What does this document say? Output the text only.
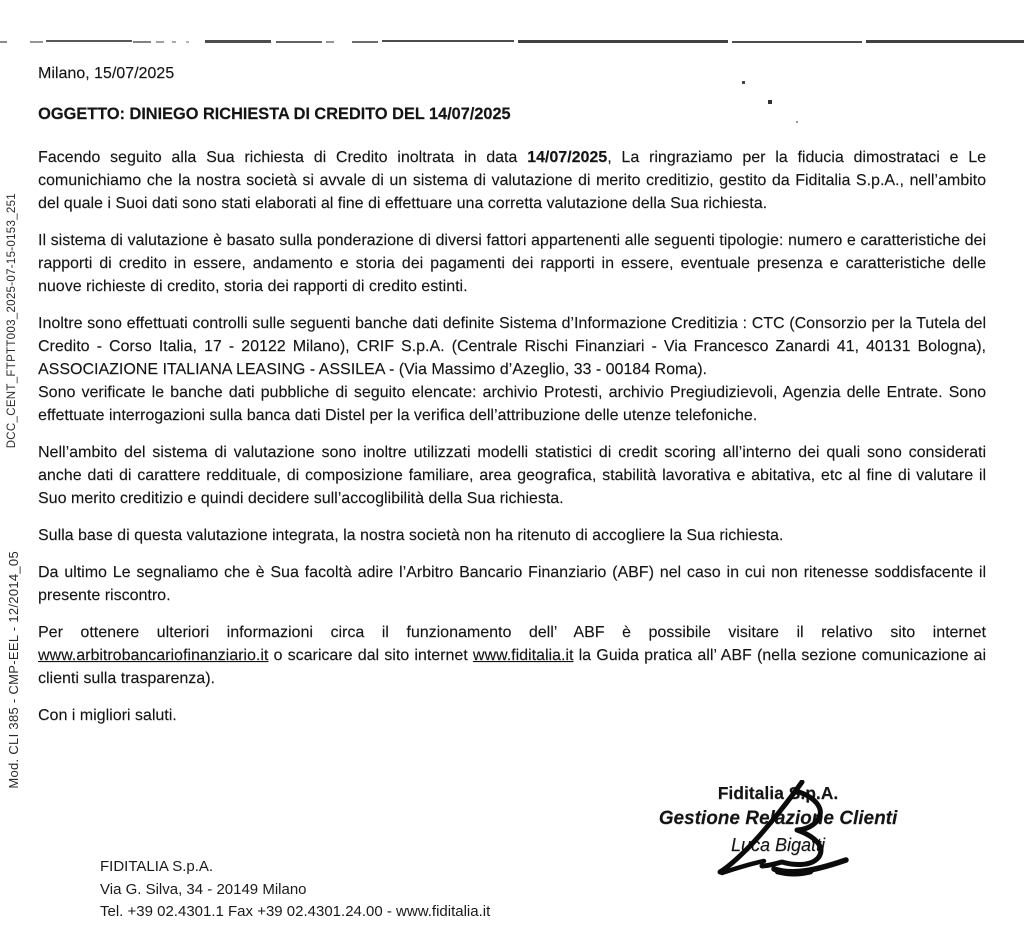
DCC_CENT_FTPTT003_2025-07-15-0153_251
Mod. CLI 385 - CMP-EEL - 12/2014_05
Milano, 15/07/2025
OGGETTO: DINIEGO RICHIESTA DI CREDITO DEL 14/07/2025

Facendo seguito alla Sua richiesta di Credito inoltrata in data 14/07/2025, La ringraziamo per la fiducia dimostrataci e Le comunichiamo che la nostra società si avvale di un sistema di valutazione di merito creditizio, gestito da Fiditalia S.p.A., nell’ambito del quale i Suoi dati sono stati elaborati al fine di effettuare una corretta valutazione della Sua richiesta.

Il sistema di valutazione è basato sulla ponderazione di diversi fattori appartenenti alle seguenti tipologie: numero e caratteristiche dei rapporti di credito in essere, andamento e storia dei pagamenti dei rapporti in essere, eventuale presenza e caratteristiche delle nuove richieste di credito, storia dei rapporti di credito estinti.

Inoltre sono effettuati controlli sulle seguenti banche dati definite Sistema d’Informazione Creditizia : CTC (Consorzio per la Tutela del Credito - Corso Italia, 17 - 20122 Milano), CRIF S.p.A. (Centrale Rischi Finanziari - Via Francesco Zanardi 41, 40131 Bologna), ASSOCIAZIONE ITALIANA LEASING - ASSILEA - (Via Massimo d’Azeglio, 33 - 00184 Roma).

Sono verificate le banche dati pubbliche di seguito elencate: archivio Protesti, archivio Pregiudizievoli, Agenzia delle Entrate. Sono effettuate interrogazioni sulla banca dati Distel per la verifica dell’attribuzione delle utenze telefoniche.

Nell’ambito del sistema di valutazione sono inoltre utilizzati modelli statistici di credit scoring all’interno dei quali sono considerati anche dati di carattere reddituale, di composizione familiare, area geografica, stabilità lavorativa e abitativa, etc al fine di valutare il Suo merito creditizio e quindi decidere sull’accoglibilità della Sua richiesta.

Sulla base di questa valutazione integrata, la nostra società non ha ritenuto di accogliere la Sua richiesta.

Da ultimo Le segnaliamo che è Sua facoltà adire l’Arbitro Bancario Finanziario (ABF) nel caso in cui non ritenesse soddisfacente il presente riscontro.

Per ottenere ulteriori informazioni circa il funzionamento dell’ ABF è possibile visitare il relativo sito internet www.arbitrobancariofinanziario.it o scaricare dal sito internet www.fiditalia.it la Guida pratica all’ ABF (nella sezione comunicazione ai clienti sulla trasparenza).

Con i migliori saluti.

Fiditalia S.p.A.
Gestione Relazione Clienti
Luca Bigatti
FIDITALIA S.p.A.
Via G. Silva, 34 - 20149 Milano
Tel. +39 02.4301.1 Fax +39 02.4301.24.00 - www.fiditalia.it
